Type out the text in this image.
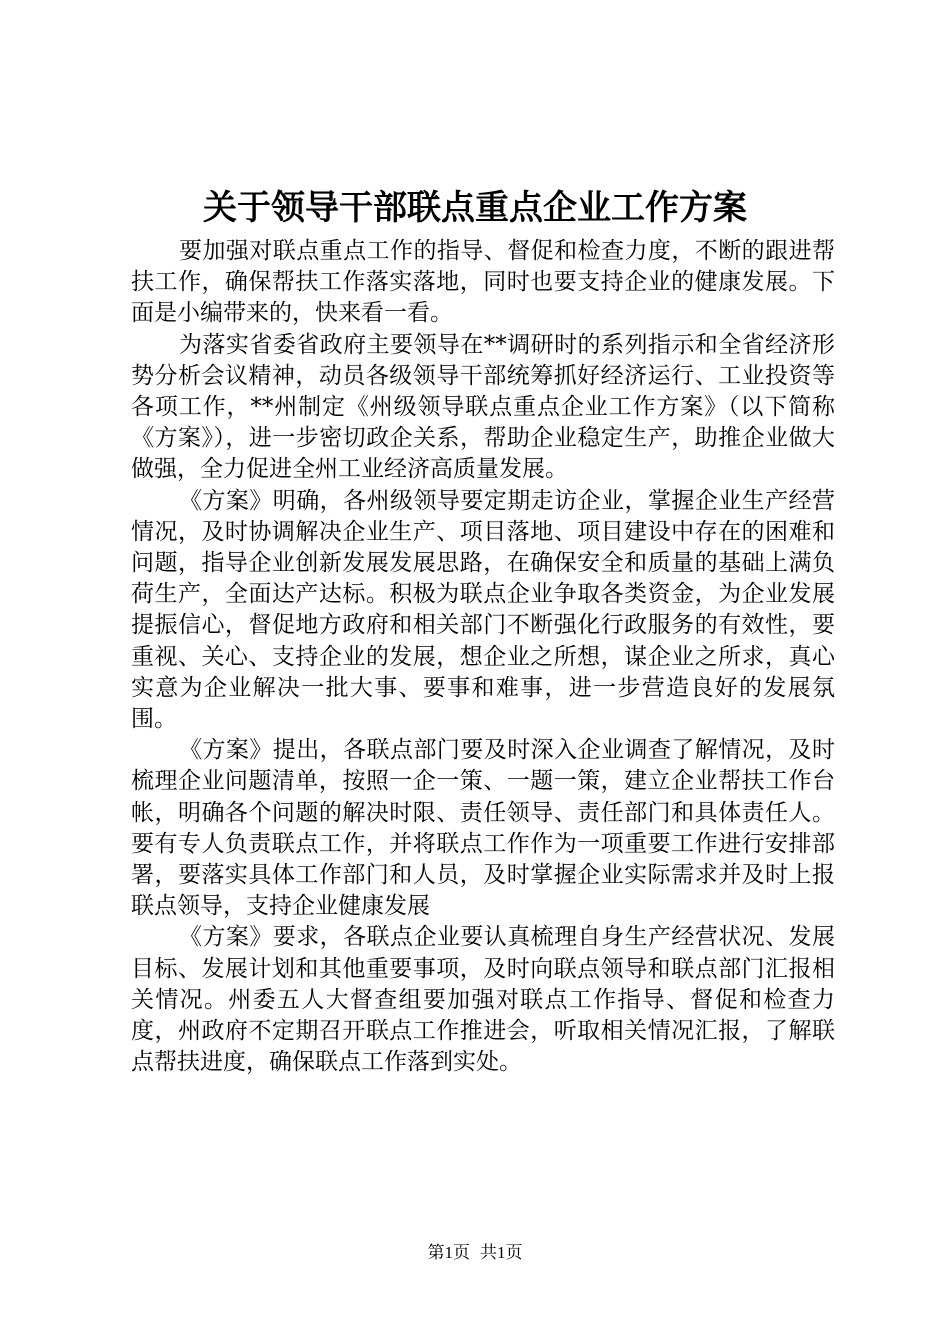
关于领导干部联点重点企业工作方案

要加强对联点重点工作的指导、督促和检查力度，不断的跟进帮扶工作，确保帮扶工作落实落地，同时也要支持企业的健康发展。下面是小编带来的，快来看一看。

为落实省委省政府主要领导在**调研时的系列指示和全省经济形势分析会议精神，动员各级领导干部统筹抓好经济运行、工业投资等各项工作，**州制定《州级领导联点重点企业工作方案》（以下简称《方案》），进一步密切政企关系，帮助企业稳定生产，助推企业做大做强，全力促进全州工业经济高质量发展。

《方案》明确，各州级领导要定期走访企业，掌握企业生产经营情况，及时协调解决企业生产、项目落地、项目建设中存在的困难和问题，指导企业创新发展发展思路，在确保安全和质量的基础上满负荷生产，全面达产达标。积极为联点企业争取各类资金，为企业发展提振信心，督促地方政府和相关部门不断强化行政服务的有效性，要重视、关心、支持企业的发展，想企业之所想，谋企业之所求，真心实意为企业解决一批大事、要事和难事，进一步营造良好的发展氛围。

《方案》提出，各联点部门要及时深入企业调查了解情况，及时梳理企业问题清单，按照一企一策、一题一策，建立企业帮扶工作台帐，明确各个问题的解决时限、责任领导、责任部门和具体责任人。要有专人负责联点工作，并将联点工作作为一项重要工作进行安排部署，要落实具体工作部门和人员，及时掌握企业实际需求并及时上报联点领导，支持企业健康发展

《方案》要求，各联点企业要认真梳理自身生产经营状况、发展目标、发展计划和其他重要事项，及时向联点领导和联点部门汇报相关情况。州委五人大督查组要加强对联点工作指导、督促和检查力度，州政府不定期召开联点工作推进会，听取相关情况汇报，了解联点帮扶进度，确保联点工作落到实处。

第1页 共1页
